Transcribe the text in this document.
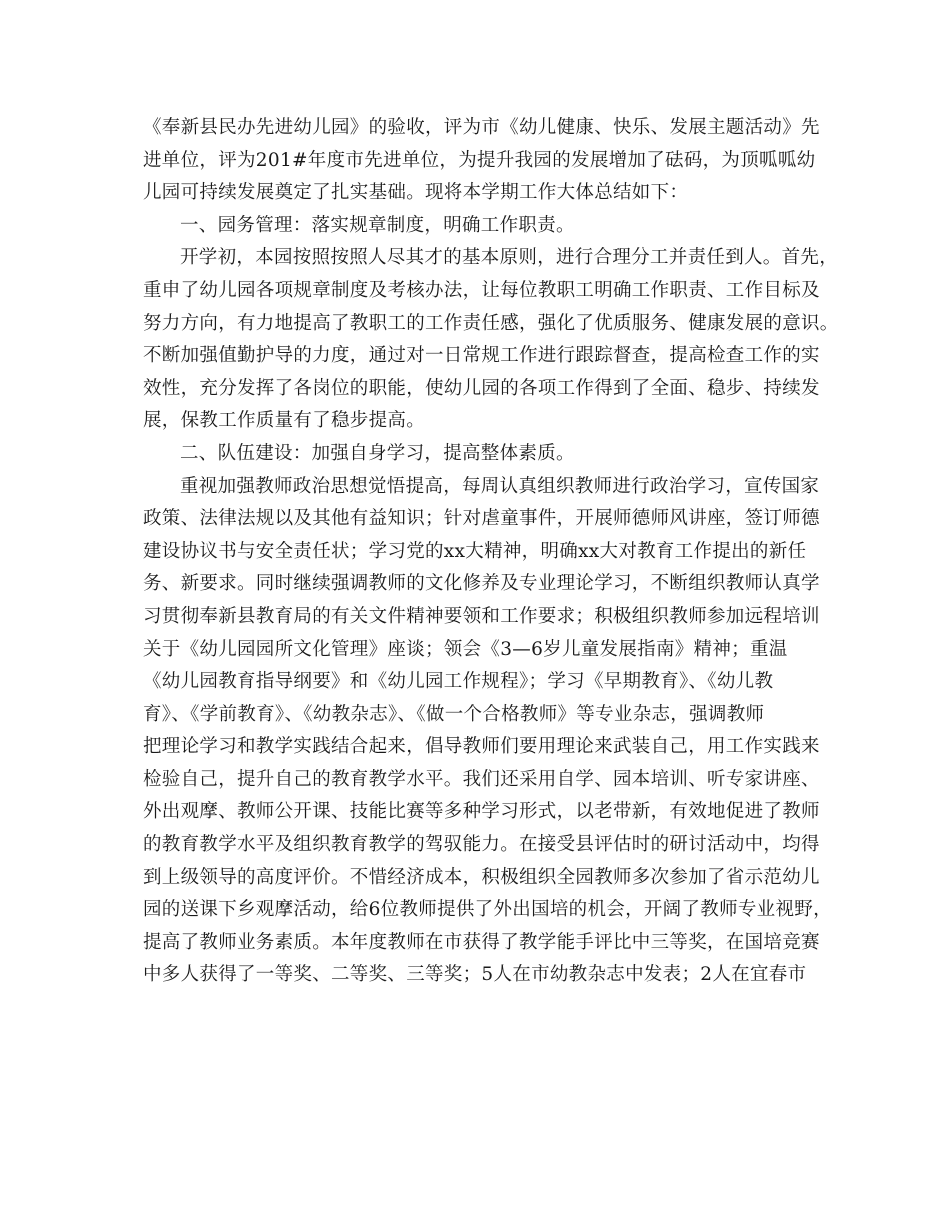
《奉新县民办先进幼儿园》的验收，评为市《幼儿健康、快乐、发展主题活动》先
进单位，评为201#年度市先进单位，为提升我园的发展增加了砝码，为顶呱呱幼
儿园可持续发展奠定了扎实基础。现将本学期工作大体总结如下：
一、园务管理：落实规章制度，明确工作职责。
开学初，本园按照按照人尽其才的基本原则，进行合理分工并责任到人。首先，
重申了幼儿园各项规章制度及考核办法，让每位教职工明确工作职责、工作目标及
努力方向，有力地提高了教职工的工作责任感，强化了优质服务、健康发展的意识。
不断加强值勤护导的力度，通过对一日常规工作进行跟踪督查，提高检查工作的实
效性，充分发挥了各岗位的职能，使幼儿园的各项工作得到了全面、稳步、持续发
展，保教工作质量有了稳步提高。
二、队伍建设：加强自身学习，提高整体素质。
重视加强教师政治思想觉悟提高，每周认真组织教师进行政治学习，宣传国家
政策、法律法规以及其他有益知识；针对虐童事件，开展师德师风讲座，签订师德
建设协议书与安全责任状；学习党的xx大精神，明确xx大对教育工作提出的新任
务、新要求。同时继续强调教师的文化修养及专业理论学习，不断组织教师认真学
习贯彻奉新县教育局的有关文件精神要领和工作要求；积极组织教师参加远程培训
关于《幼儿园园所文化管理》座谈；领会《3—6岁儿童发展指南》精神；重温
《幼儿园教育指导纲要》和《幼儿园工作规程》；学习《早期教育》、《幼儿教
育》、《学前教育》、《幼教杂志》、《做一个合格教师》等专业杂志，强调教师
把理论学习和教学实践结合起来，倡导教师们要用理论来武装自己，用工作实践来
检验自己，提升自己的教育教学水平。我们还采用自学、园本培训、听专家讲座、
外出观摩、教师公开课、技能比赛等多种学习形式，以老带新，有效地促进了教师
的教育教学水平及组织教育教学的驾驭能力。在接受县评估时的研讨活动中，均得
到上级领导的高度评价。不惜经济成本，积极组织全园教师多次参加了省示范幼儿
园的送课下乡观摩活动，给6位教师提供了外出国培的机会，开阔了教师专业视野，
提高了教师业务素质。本年度教师在市获得了教学能手评比中三等奖，在国培竞赛
中多人获得了一等奖、二等奖、三等奖；5人在市幼教杂志中发表；2人在宜春市
